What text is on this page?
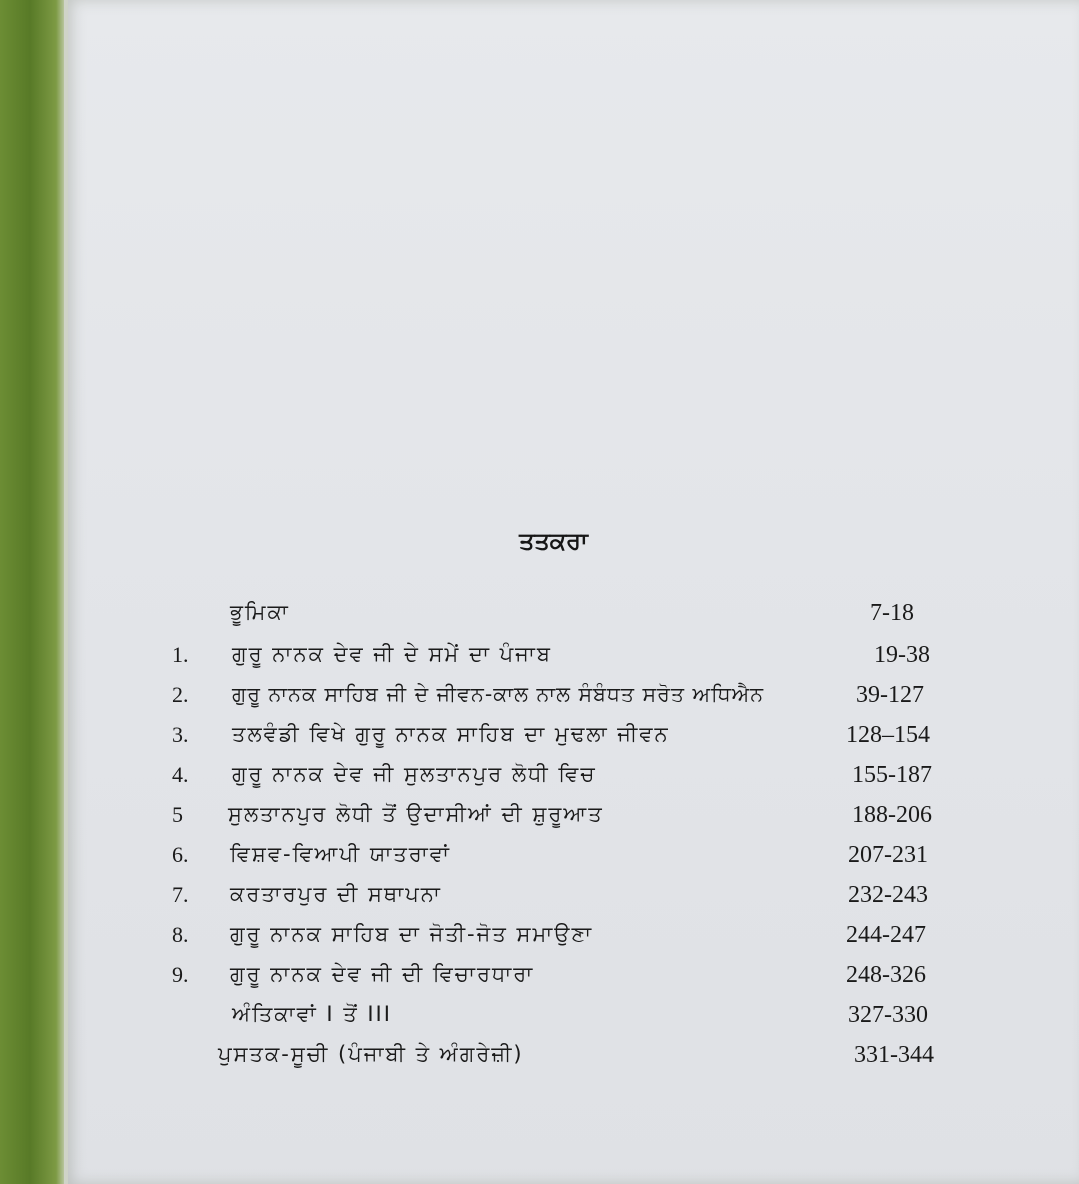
ਤਤਕਰਾ
ਭੂਮਿਕਾ	7-18
1. ਗੁਰੂ ਨਾਨਕ ਦੇਵ ਜੀ ਦੇ ਸਮੇਂ ਦਾ ਪੰਜਾਬ	19-38
2. ਗੁਰੂ ਨਾਨਕ ਸਾਹਿਬ ਜੀ ਦੇ ਜੀਵਨ-ਕਾਲ ਨਾਲ ਸੰਬੰਧਤ ਸਰੋਤ ਅਧਿਐਨ	39-127
3. ਤਲਵੰਡੀ ਵਿਖੇ ਗੁਰੂ ਨਾਨਕ ਸਾਹਿਬ ਦਾ ਮੁਢਲਾ ਜੀਵਨ	128–154
4. ਗੁਰੂ ਨਾਨਕ ਦੇਵ ਜੀ ਸੁਲਤਾਨਪੁਰ ਲੋਧੀ ਵਿਚ	155-187
5 ਸੁਲਤਾਨਪੁਰ ਲੋਧੀ ਤੋਂ ਉਦਾਸੀਆਂ ਦੀ ਸ਼ੁਰੂਆਤ	188-206
6. ਵਿਸ਼ਵ-ਵਿਆਪੀ ਯਾਤਰਾਵਾਂ	207-231
7. ਕਰਤਾਰਪੁਰ ਦੀ ਸਥਾਪਨਾ	232-243
8. ਗੁਰੂ ਨਾਨਕ ਸਾਹਿਬ ਦਾ ਜੋਤੀ-ਜੋਤ ਸਮਾਉਣਾ	244-247
9. ਗੁਰੂ ਨਾਨਕ ਦੇਵ ਜੀ ਦੀ ਵਿਚਾਰਧਾਰਾ	248-326
ਅੰਤਿਕਾਵਾਂ I ਤੋਂ III	327-330
ਪੁਸਤਕ-ਸੂਚੀ (ਪੰਜਾਬੀ ਤੇ ਅੰਗਰੇਜ਼ੀ)	331-344
